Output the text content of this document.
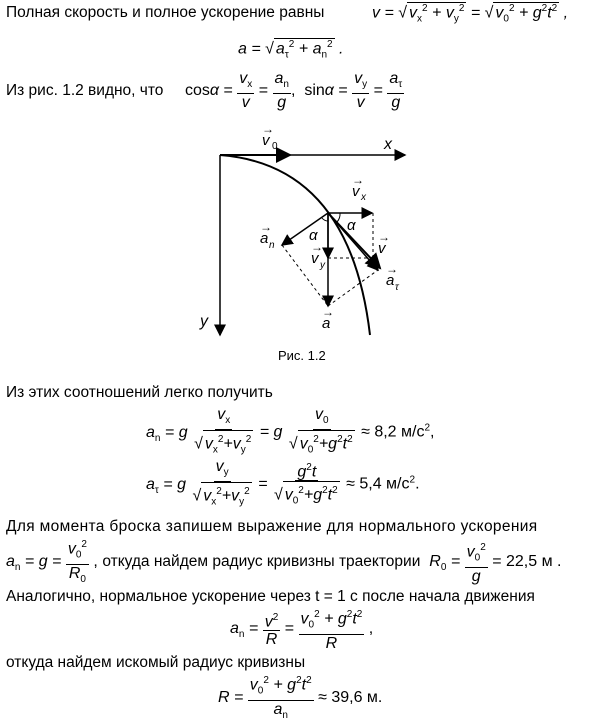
Полная скорость и полное ускорение равны	v = √ $v_x^2 + v_y^2$ = √ $v_0^2 + g^2t^2$ ,
a = √ $a_\tau^2 + a_n^2$ .
Из рис. 1.2 видно, что $\cos\alpha = \frac{v_x}{v} = \frac{a_n}{g}$ ,  $\sin\alpha = \frac{v_y}{v} = \frac{a_\tau}{g}$
v 0
→
x
y
v x
→
α
α
a n
→
v y
→	v
→
a τ
→
a
→
Рис. 1.2
Из этих соотношений легко получить
$a_n = g \frac{v_x}{√ v_x^2+v_y^2} = g \frac{v_0}{√ v_0^2+g^2t^2} \approx 8,2$ $м/с^2$,
$a_\tau = g \frac{v_y}{√ v_x^2+v_y^2} = \frac{g^2t}{√ v_0^2+g^2t^2} \approx 5,4$ $м/с^2$.
Для момента броска запишем выражение для нормального ускорения
$a_n = g = \frac{v_0^2}{R_0}$ , откуда найдем радиус кривизны траектории  $R_0 = \frac{v_0^2}{g} = 22,5$ м .
Аналогично, нормальное ускорение через t = 1 с после начала движения
$a_n = \frac{v^2}{R} = \frac{v_0^2 + g^2t^2}{R}$ ,
откуда найдем искомый радиус кривизны
$R = \frac{v_0^2 + g^2t^2}{a_n} \approx 39,6$ м.
